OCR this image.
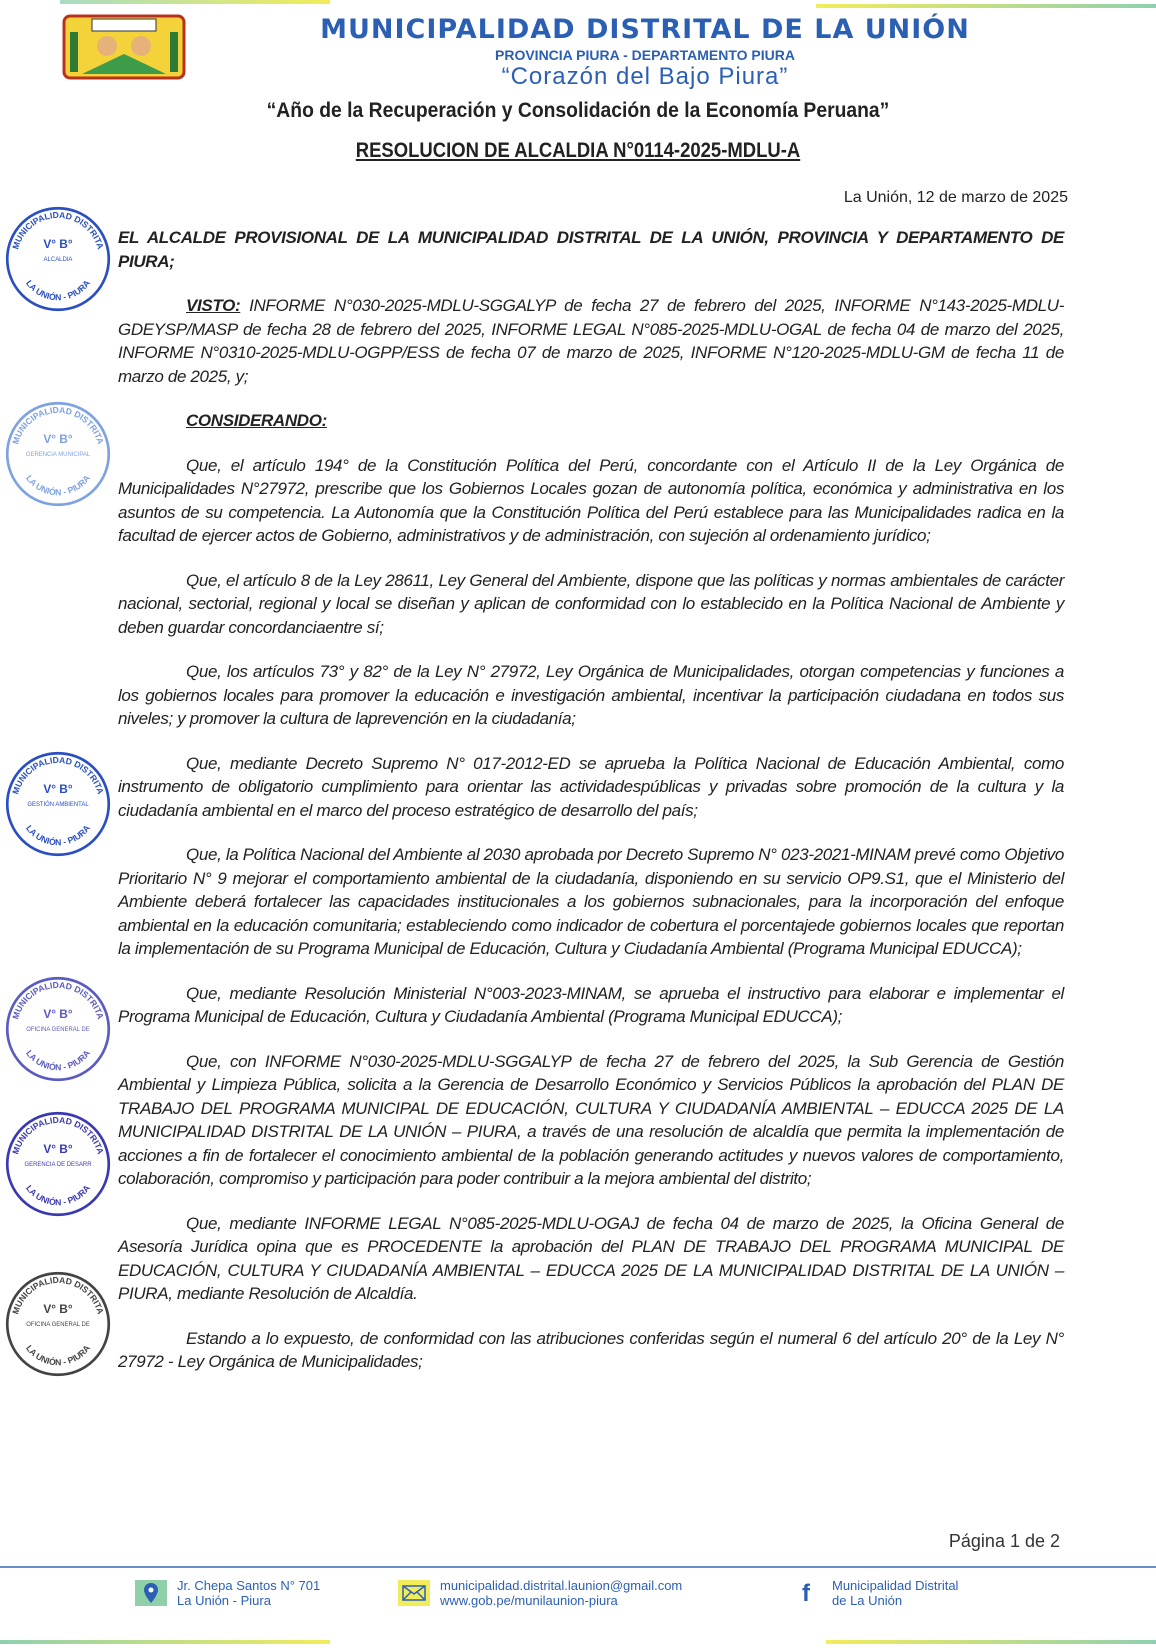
MUNICIPALIDAD DISTRITAL DE LA UNIÓN
PROVINCIA PIURA - DEPARTAMENTO PIURA
“Corazón del Bajo Piura”
“Año de la Recuperación y Consolidación de la Economía Peruana”
RESOLUCION DE ALCALDIA N°0114-2025-MDLU-A
La Unión, 12 de marzo de 2025
EL ALCALDE PROVISIONAL DE LA MUNICIPALIDAD DISTRITAL DE LA UNIÓN, PROVINCIA Y DEPARTAMENTO DE PIURA;
VISTO: INFORME N°030-2025-MDLU-SGGALYP de fecha 27 de febrero del 2025, INFORME N°143-2025-MDLU-GDEYSP/MASP de fecha 28 de febrero del 2025, INFORME LEGAL N°085-2025-MDLU-OGAL de fecha 04 de marzo del 2025, INFORME N°0310-2025-MDLU-OGPP/ESS de fecha 07 de marzo de 2025, INFORME N°120-2025-MDLU-GM de fecha 11 de marzo de 2025, y;
CONSIDERANDO:
Que, el artículo 194° de la Constitución Política del Perú, concordante con el Artículo II de la Ley Orgánica de Municipalidades N°27972, prescribe que los Gobiernos Locales gozan de autonomía política, económica y administrativa en los asuntos de su competencia. La Autonomía que la Constitución Política del Perú establece para las Municipalidades radica en la facultad de ejercer actos de Gobierno, administrativos y de administración, con sujeción al ordenamiento jurídico;
Que, el artículo 8 de la Ley 28611, Ley General del Ambiente, dispone que las políticas y normas ambientales de carácter nacional, sectorial, regional y local se diseñan y aplican de conformidad con lo establecido en la Política Nacional de Ambiente y deben guardar concordanciaentre sí;
Que, los artículos 73° y 82° de la Ley N° 27972, Ley Orgánica de Municipalidades, otorgan competencias y funciones a los gobiernos locales para promover la educación e investigación ambiental, incentivar la participación ciudadana en todos sus niveles; y promover la cultura de laprevención en la ciudadanía;
Que, mediante Decreto Supremo N° 017-2012-ED se aprueba la Política Nacional de Educación Ambiental, como instrumento de obligatorio cumplimiento para orientar las actividadespúblicas y privadas sobre promoción de la cultura y la ciudadanía ambiental en el marco del proceso estratégico de desarrollo del país;
Que, la Política Nacional del Ambiente al 2030 aprobada por Decreto Supremo N° 023-2021-MINAM prevé como Objetivo Prioritario N° 9 mejorar el comportamiento ambiental de la ciudadanía, disponiendo en su servicio OP9.S1, que el Ministerio del Ambiente deberá fortalecer las capacidades institucionales a los gobiernos subnacionales, para la incorporación del enfoque ambiental en la educación comunitaria; estableciendo como indicador de cobertura el porcentajede gobiernos locales que reportan la implementación de su Programa Municipal de Educación, Cultura y Ciudadanía Ambiental (Programa Municipal EDUCCA);
Que, mediante Resolución Ministerial N°003-2023-MINAM, se aprueba el instructivo para elaborar e implementar el Programa Municipal de Educación, Cultura y Ciudadanía Ambiental (Programa Municipal EDUCCA);
Que, con INFORME N°030-2025-MDLU-SGGALYP de fecha 27 de febrero del 2025, la Sub Gerencia de Gestión Ambiental y Limpieza Pública, solicita a la Gerencia de Desarrollo Económico y Servicios Públicos la aprobación del PLAN DE TRABAJO DEL PROGRAMA MUNICIPAL DE EDUCACIÓN, CULTURA Y CIUDADANÍA AMBIENTAL – EDUCCA 2025 DE LA MUNICIPALIDAD DISTRITAL DE LA UNIÓN – PIURA, a través de una resolución de alcaldía que permita la implementación de acciones a fin de fortalecer el conocimiento ambiental de la población generando actitudes y nuevos valores de comportamiento, colaboración, compromiso y participación para poder contribuir a la mejora ambiental del distrito;
Que, mediante INFORME LEGAL N°085-2025-MDLU-OGAJ de fecha 04 de marzo de 2025, la Oficina General de Asesoría Jurídica opina que es PROCEDENTE la aprobación del PLAN DE TRABAJO DEL PROGRAMA MUNICIPAL DE EDUCACIÓN, CULTURA Y CIUDADANÍA AMBIENTAL – EDUCCA 2025 DE LA MUNICIPALIDAD DISTRITAL DE LA UNIÓN – PIURA, mediante Resolución de Alcaldía.
Estando a lo expuesto, de conformidad con las atribuciones conferidas según el numeral 6 del artículo 20° de la Ley N° 27972 - Ley Orgánica de Municipalidades;
MUNICIPALIDAD DISTRITA
LA UNIÓN - PIURA
V° B°
ALCALDIA
MUNICIPALIDAD DISTRITA
LA UNIÓN - PIURA
V° B°
GERENCIA MUNICIPAL
MUNICIPALIDAD DISTRITA
LA UNIÓN - PIURA
V° B°
GESTIÓN AMBIENTAL
MUNICIPALIDAD DISTRITA
LA UNIÓN - PIURA
V° B°
OFICINA GENERAL DE
MUNICIPALIDAD DISTRITA
LA UNIÓN - PIURA
V° B°
GERENCIA DE DESARR
MUNICIPALIDAD DISTRITA
LA UNIÓN - PIURA
V° B°
OFICINA GENERAL DE
Página 1 de 2
Jr. Chepa Santos N° 701
La Unión - Piura
municipalidad.distrital.launion@gmail.com
www.gob.pe/munilaunion-piura	f	Municipalidad Distrital
de La Unión
